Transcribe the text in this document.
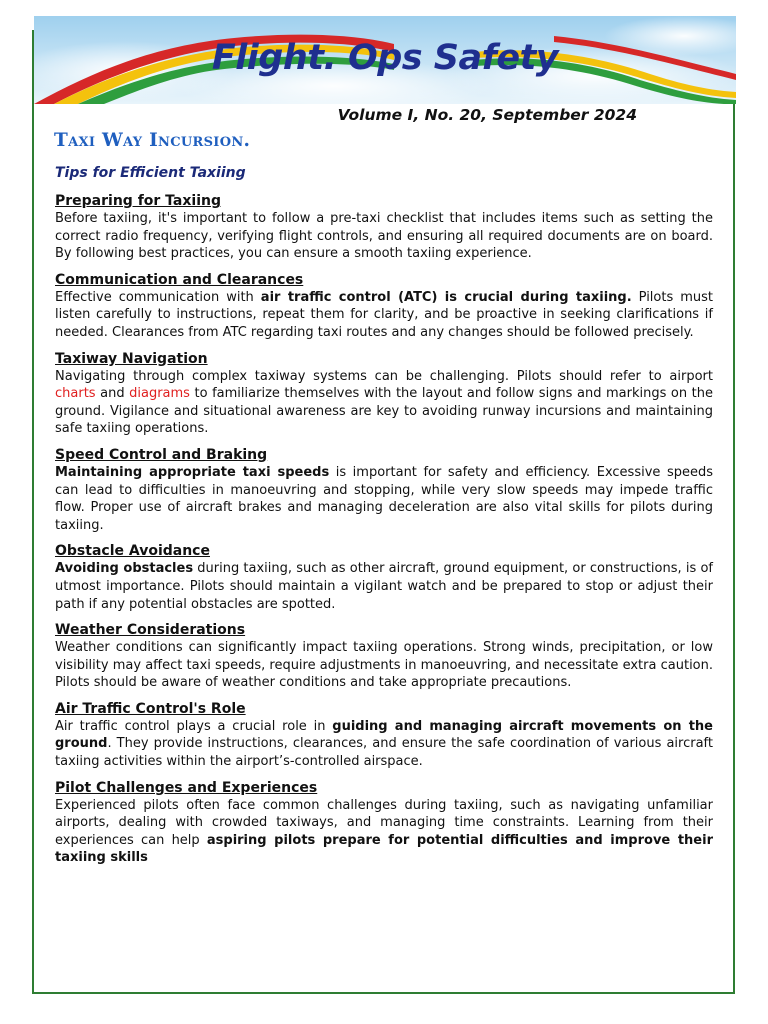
Flight. Ops Safety
Volume I, No. 20, September 2024
Taxi Way Incursion.
Tips for Efficient Taxiing
Preparing for Taxiing

Before taxiing, it's important to follow a pre-taxi checklist that includes items such as setting the correct radio frequency, verifying flight controls, and ensuring all required documents are on board. By following best practices, you can ensure a smooth taxiing experience.

Communication and Clearances

Effective communication with air traffic control (ATC) is crucial during taxiing. Pilots must listen carefully to instructions, repeat them for clarity, and be proactive in seeking clarifications if needed. Clearances from ATC regarding taxi routes and any changes should be followed precisely.

Taxiway Navigation

Navigating through complex taxiway systems can be challenging. Pilots should refer to airport charts and diagrams to familiarize themselves with the layout and follow signs and markings on the ground. Vigilance and situational awareness are key to avoiding runway incursions and maintaining safe taxiing operations.

Speed Control and Braking

Maintaining appropriate taxi speeds is important for safety and efficiency. Excessive speeds can lead to difficulties in manoeuvring and stopping, while very slow speeds may impede traffic flow. Proper use of aircraft brakes and managing deceleration are also vital skills for pilots during taxiing.

Obstacle Avoidance

Avoiding obstacles during taxiing, such as other aircraft, ground equipment, or constructions, is of utmost importance. Pilots should maintain a vigilant watch and be prepared to stop or adjust their path if any potential obstacles are spotted.

Weather Considerations

Weather conditions can significantly impact taxiing operations. Strong winds, precipitation, or low visibility may affect taxi speeds, require adjustments in manoeuvring, and necessitate extra caution. Pilots should be aware of weather conditions and take appropriate precautions.

Air Traffic Control's Role

Air traffic control plays a crucial role in guiding and managing aircraft movements on the ground. They provide instructions, clearances, and ensure the safe coordination of various aircraft taxiing activities within the airport’s-controlled airspace.

Pilot Challenges and Experiences

Experienced pilots often face common challenges during taxiing, such as navigating unfamiliar airports, dealing with crowded taxiways, and managing time constraints. Learning from their experiences can help aspiring pilots prepare for potential difficulties and improve their taxiing skills
